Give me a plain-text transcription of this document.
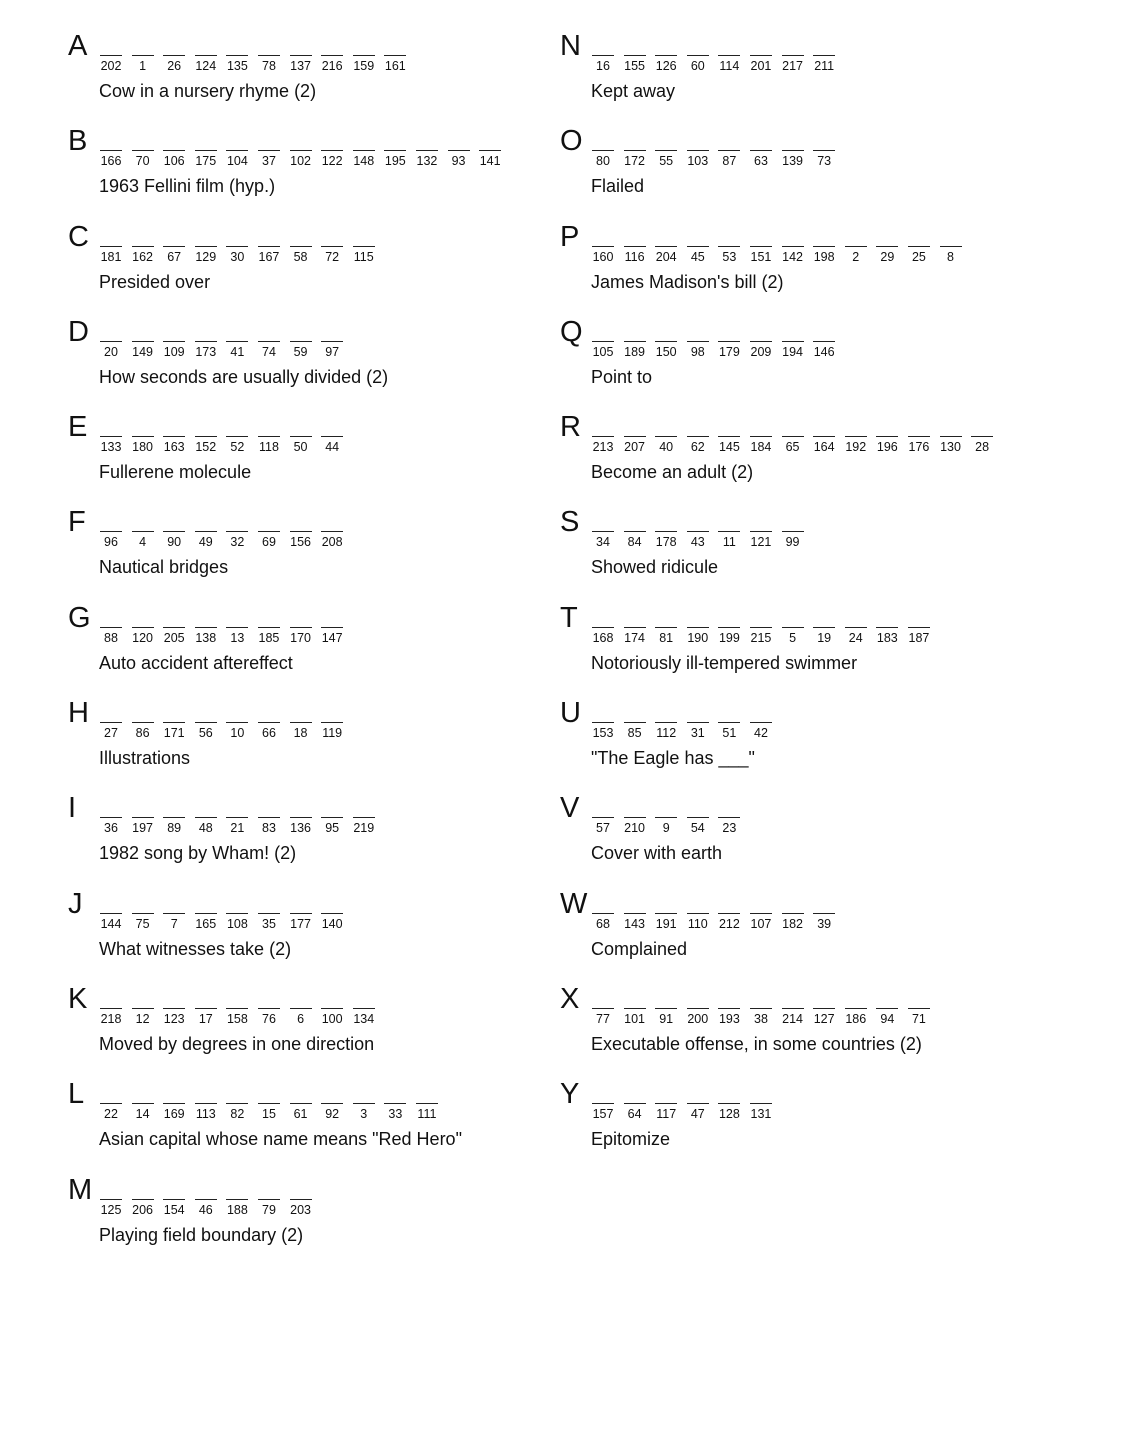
A
202	1	26	124 135	78	137 216 159 161
Cow in a nursery rhyme (2)
B
166	70	106 175 104	37	102 122 148 195 132	93	141
1963 Fellini film (hyp.)
C
181 162	67	129	30	167	58	72	115
Presided over
D
20	149 109 173	41	74	59	97
How seconds are usually divided (2)
E
133 180 163 152	52	118	50	44
Fullerene molecule
F
96	4	90	49	32	69	156 208
Nautical bridges
G
88	120 205 138	13	185 170 147
Auto accident aftereffect
H
27	86	171	56	10	66	18	119
Illustrations
I
36	197	89	48	21	83	136	95	219
1982 song by Wham! (2)
J
144	75	7	165 108	35	177 140
What witnesses take (2)
K
218	12	123	17	158	76	6	100 134
Moved by degrees in one direction
L
22	14	169 113	82	15	61	92	3	33	111
Asian capital whose name means "Red Hero"
M
125 206 154	46	188	79	203
Playing field boundary (2)
N
16	155 126	60	114 201 217 211
Kept away
O
80	172	55	103	87	63	139	73
Flailed
P
160 116 204	45	53	151 142 198	2	29	25	8
James Madison's bill (2)
Q
105 189 150	98	179 209 194 146
Point to
R
213 207	40	62	145 184	65	164 192 196 176 130	28
Become an adult (2)
S
34	84	178	43	11	121	99
Showed ridicule
T
168 174	81	190 199 215	5	19	24	183 187
Notoriously ill-tempered swimmer
U
153	85	112	31	51	42
"The Eagle has ___"
V
57	210	9	54	23
Cover with earth
W
68	143 191 110 212 107 182	39
Complained
X
77	101	91	200 193	38	214 127 186	94	71
Executable offense, in some countries (2)
Y
157	64	117	47	128 131
Epitomize
